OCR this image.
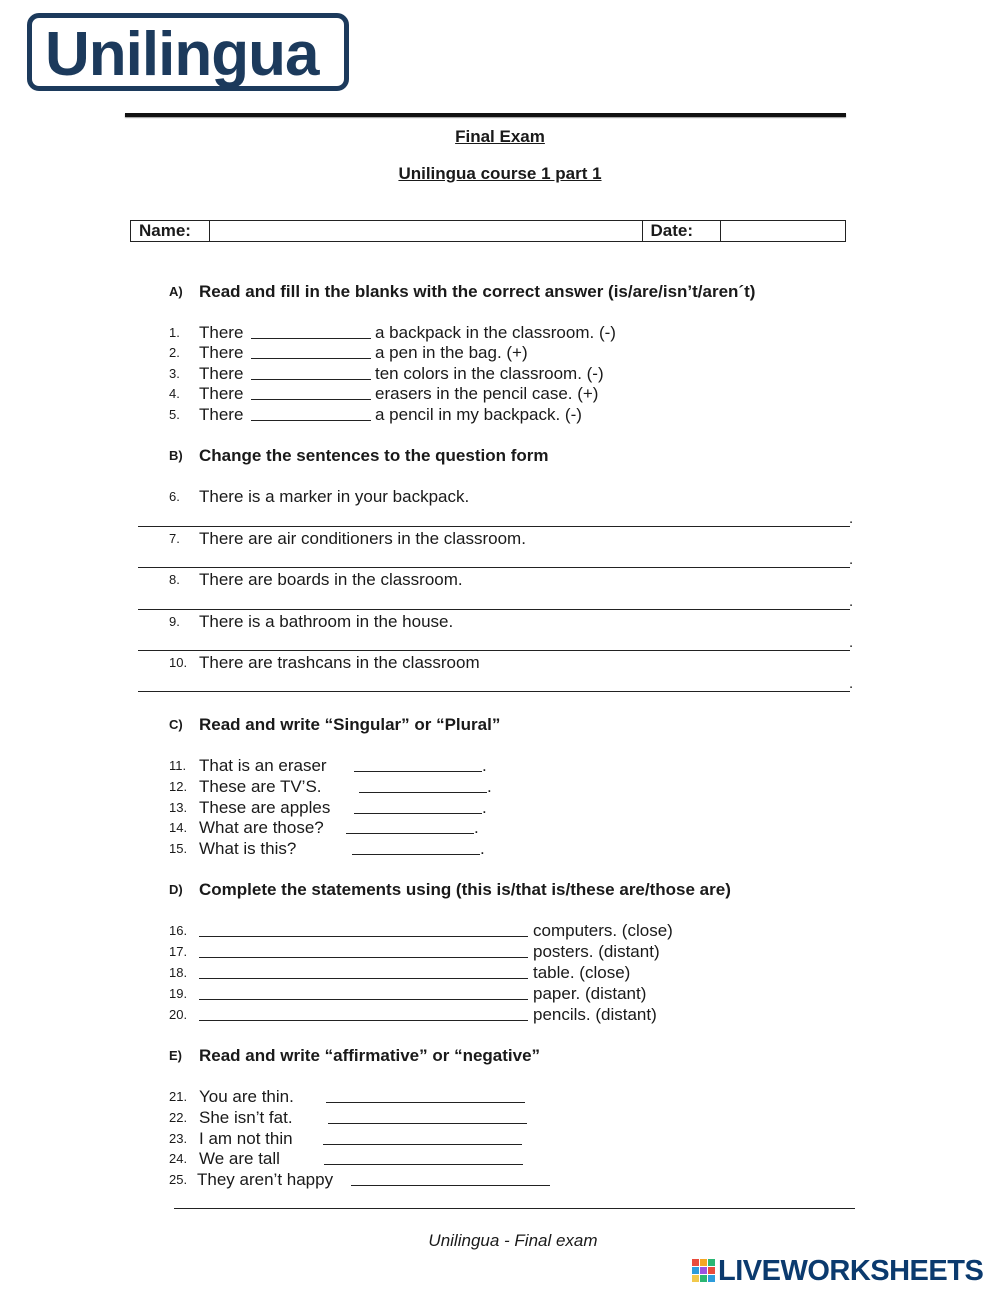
Unilingua
Final Exam
Unilingua course 1 part 1
Name:		Date:	
A) Read and fill in the blanks with the correct answer (is/are/isn’t/aren´t)
1. There	a backpack in the classroom. (-)
2. There	a pen in the bag. (+)
3. There	ten colors in the classroom. (-)
4. There	erasers in the pencil case. (+)
5. There	a pencil in my backpack. (-)
B) Change the sentences to the question form
6. There is a marker in your backpack.
.
7. There are air conditioners in the classroom.
.
8. There are boards in the classroom.
.
9. There is a bathroom in the house.
.
10. There are trashcans in the classroom
.
C) Read and write “Singular” or “Plural”
11. That is an eraser	.
12. These are TV’S.	.
13. These are apples	.
14. What are those?	.
15. What is this?	.
D) Complete the statements using (this is/that is/these are/those are)
16.	computers. (close)
17.	posters. (distant)
18.	table. (close)
19.	paper. (distant)
20.	pencils. (distant)
E) Read and write “affirmative” or “negative”
21. You are thin.
22. She isn’t fat.
23. I am not thin
24. We are tall
25. They aren’t happy
Unilingua - Final exam
LIVEWORKSHEETS
